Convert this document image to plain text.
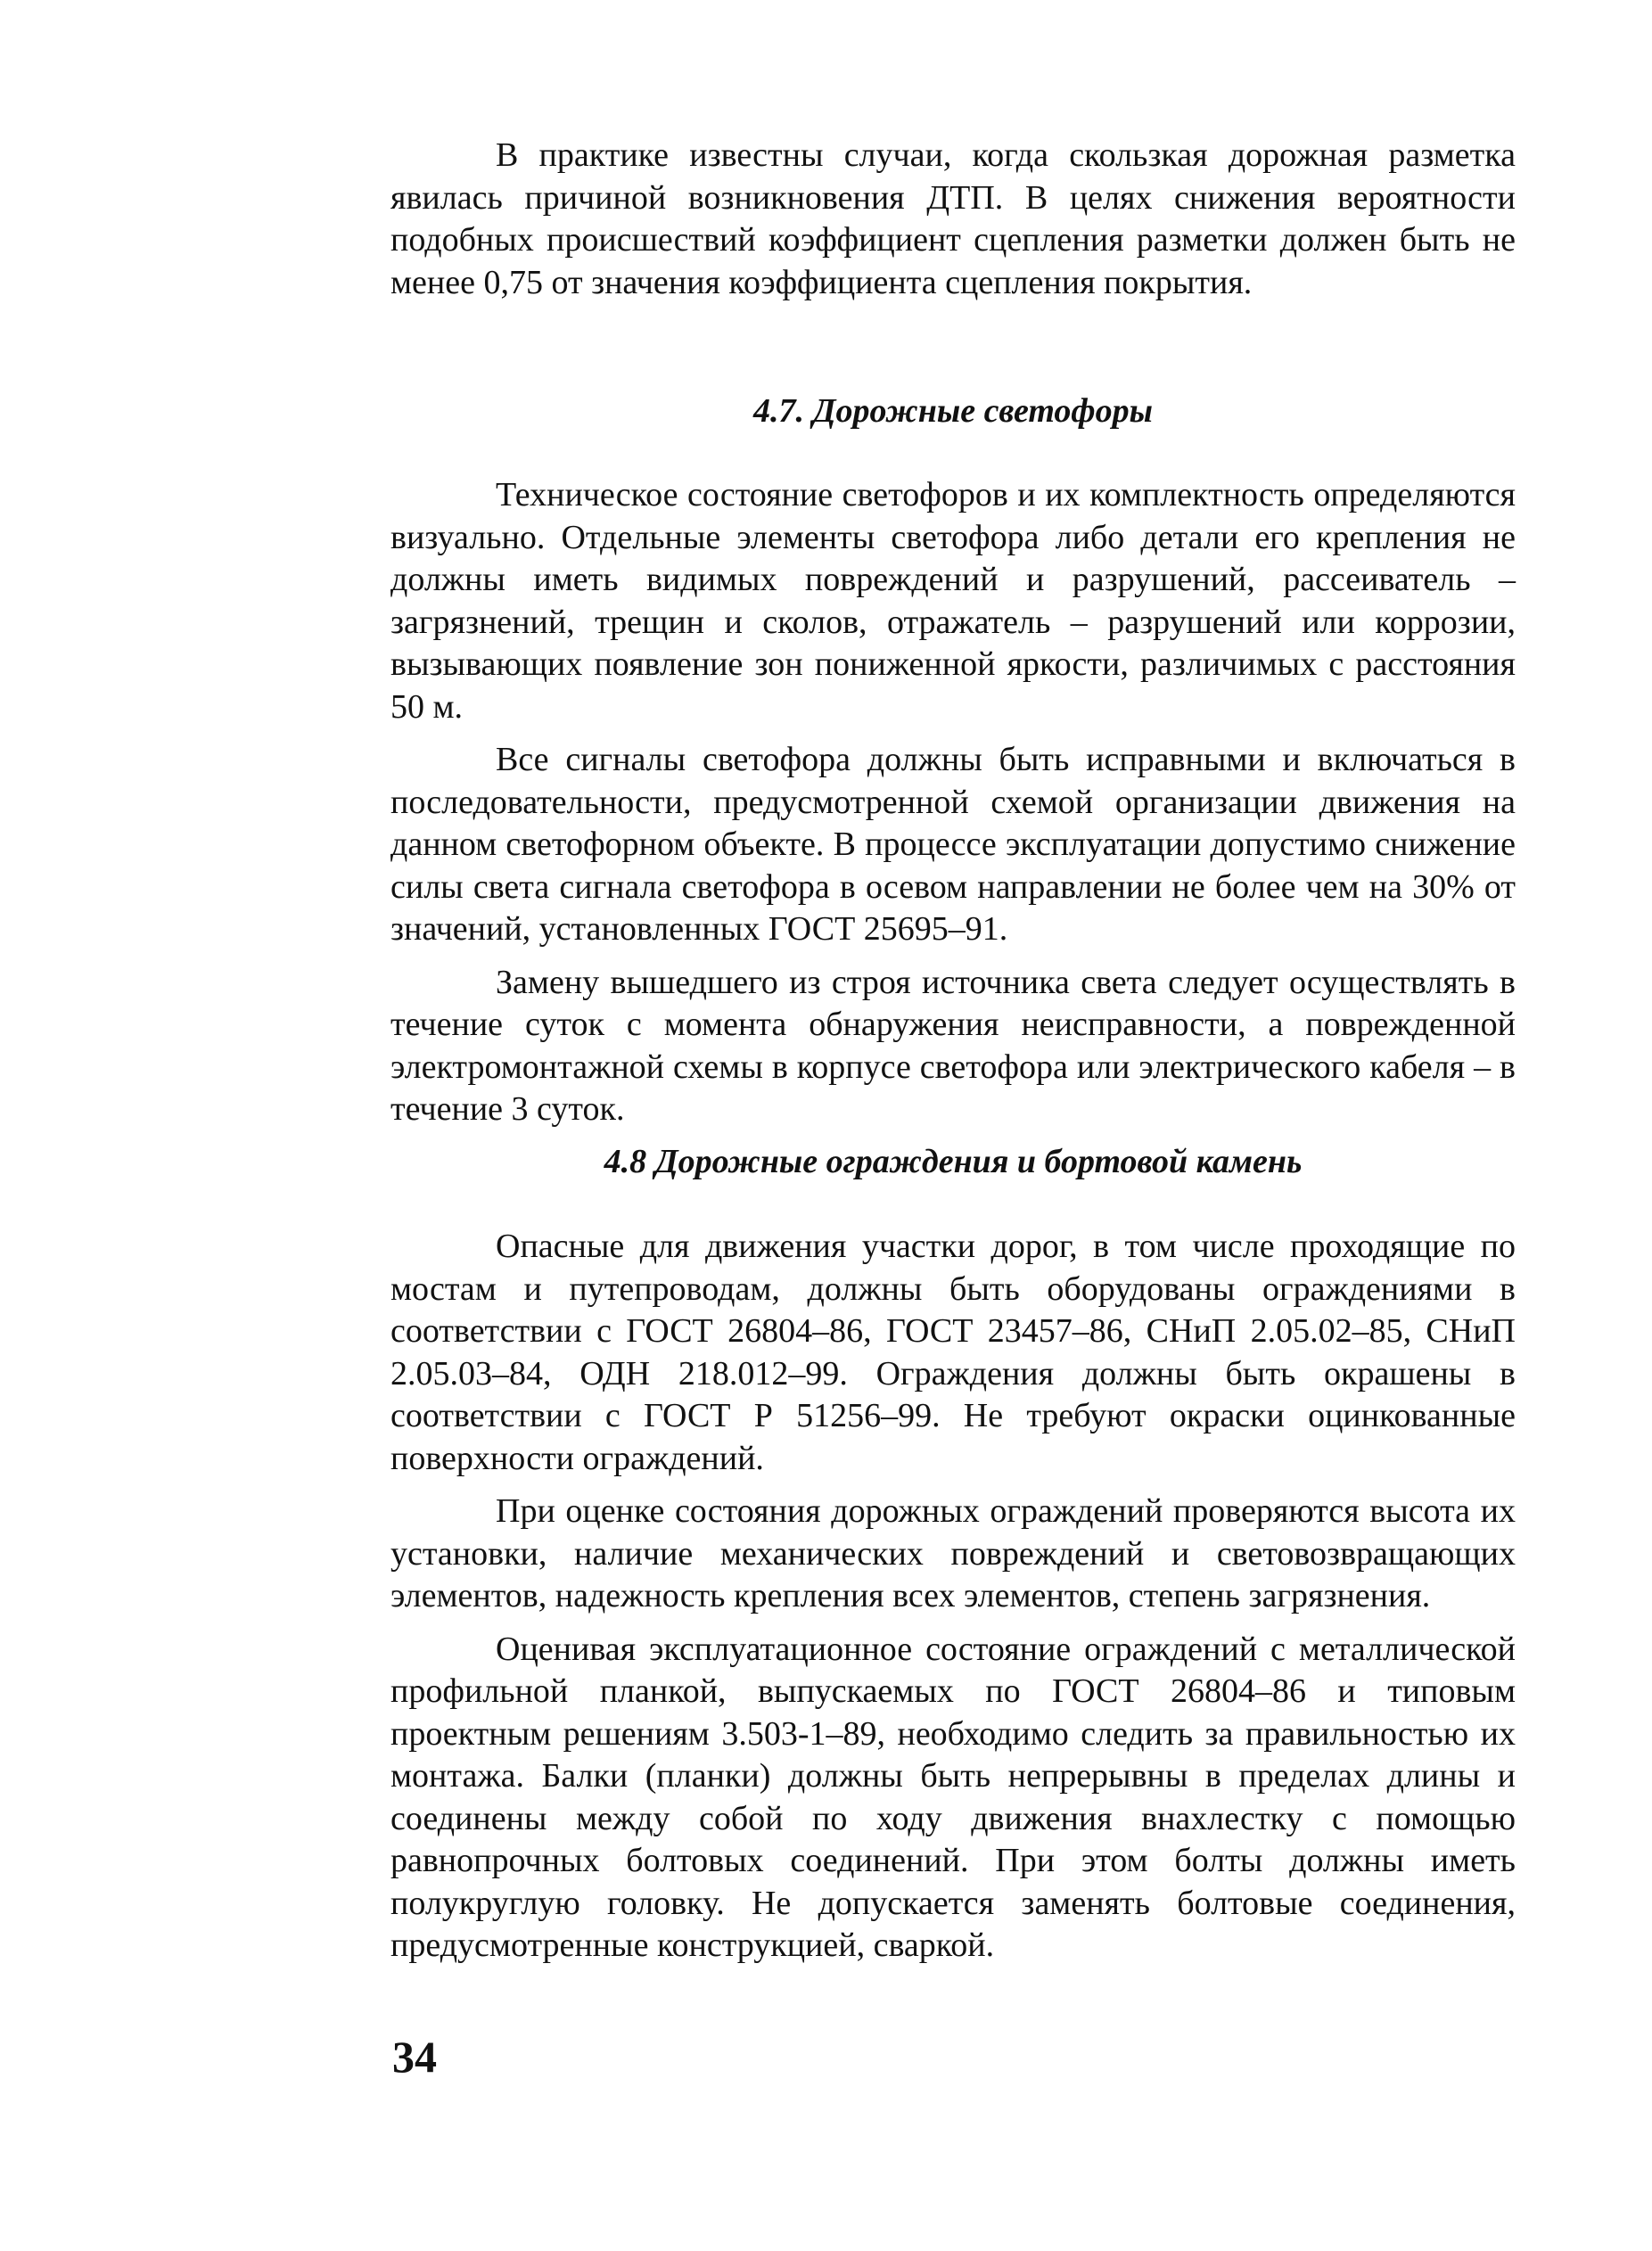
В практике известны случаи, когда скользкая дорожная разметка явилась причиной возникновения ДТП. В целях снижения вероятности подобных происшествий коэффициент сцепления разметки должен быть не менее 0,75 от значения коэффициента сцепления покрытия.

4.7. Дорожные светофоры

Техническое состояние светофоров и их комплектность определяются визуально. Отдельные элементы светофора либо детали его крепления не должны иметь видимых повреждений и разрушений, рассеиватель – загрязнений, трещин и сколов, отражатель – разрушений или коррозии, вызывающих появление зон пониженной яркости, различимых с расстояния 50 м.

Все сигналы светофора должны быть исправными и включаться в последовательности, предусмотренной схемой организации движения на данном светофорном объекте. В процессе эксплуатации допустимо снижение силы света сигнала светофора в осевом направлении не более чем на 30% от значений, установленных ГОСТ 25695–91.

Замену вышедшего из строя источника света следует осуществлять в течение суток с момента обнаружения неисправности, а поврежденной электромонтажной схемы в корпусе светофора или электрического кабеля – в течение 3 суток.

4.8 Дорожные ограждения и бортовой камень

Опасные для движения участки дорог, в том числе проходящие по мостам и путепроводам, должны быть оборудованы ограждениями в соответствии с ГОСТ 26804–86, ГОСТ 23457–86, СНиП 2.05.02–85, СНиП 2.05.03–84, ОДН 218.012–99. Ограждения должны быть окрашены в соответствии с ГОСТ Р 51256–99. Не требуют окраски оцинкованные поверхности ограждений.

При оценке состояния дорожных ограждений проверяются высота их установки, наличие механических повреждений и световозвращающих элементов, надежность крепления всех элементов, степень загрязнения.

Оценивая эксплуатационное состояние ограждений с металлической профильной планкой, выпускаемых по ГОСТ 26804–86 и типовым проектным решениям 3.503-1–89, необходимо следить за правильностью их монтажа. Балки (планки) должны быть непрерывны в пределах длины и соединены между собой по ходу движения внахлестку с помощью равнопрочных болтовых соединений. При этом болты должны иметь полукруглую головку. Не допускается заменять болтовые соединения, предусмотренные конструкцией, сваркой.

34
